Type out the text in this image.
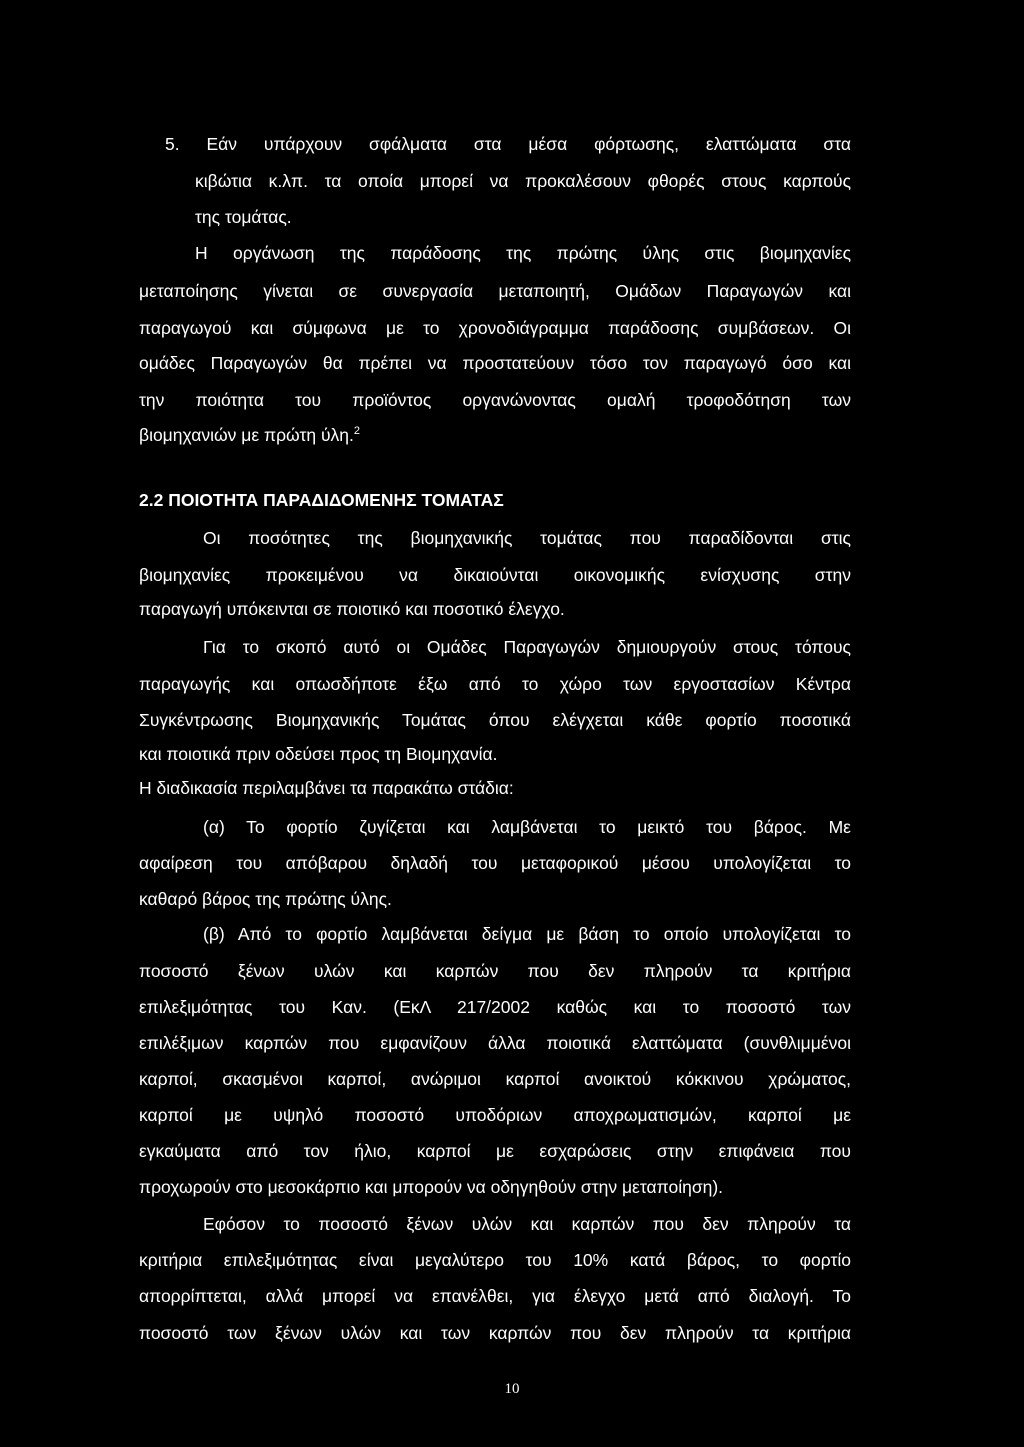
5. Εάν υπάρχουν σφάλματα στα μέσα φόρτωσης, ελαττώματα στα
κιβώτια κ.λπ. τα οποία μπορεί να προκαλέσουν φθορές στους καρπούς
της τομάτας.
Η οργάνωση της παράδοσης της πρώτης ύλης στις βιομηχανίες
μεταποίησης γίνεται σε συνεργασία μεταποιητή, Ομάδων Παραγωγών και
παραγωγού και σύμφωνα με το χρονοδιάγραμμα παράδοσης συμβάσεων. Οι
ομάδες Παραγωγών θα πρέπει να προστατεύουν τόσο τον παραγωγό όσο και
την ποιότητα του προϊόντος οργανώνοντας ομαλή τροφοδότηση των
βιομηχανιών με πρώτη ύλη.$^2$
2.2 ΠΟΙΟΤΗΤΑ ΠΑΡΑΔΙΔΟΜΕΝΗΣ ΤΟΜΑΤΑΣ
Οι ποσότητες της βιομηχανικής τομάτας που παραδίδονται στις
βιομηχανίες προκειμένου να δικαιούνται οικονομικής ενίσχυσης στην
παραγωγή υπόκεινται σε ποιοτικό και ποσοτικό έλεγχο.
Για το σκοπό αυτό οι Ομάδες Παραγωγών δημιουργούν στους τόπους
παραγωγής και οπωσδήποτε έξω από το χώρο των εργοστασίων Κέντρα
Συγκέντρωσης Βιομηχανικής Τομάτας όπου ελέγχεται κάθε φορτίο ποσοτικά
και ποιοτικά πριν οδεύσει προς τη Βιομηχανία.
Η διαδικασία περιλαμβάνει τα παρακάτω στάδια:
(α) Το φορτίο ζυγίζεται και λαμβάνεται το μεικτό του βάρος. Με
αφαίρεση του απόβαρου δηλαδή του μεταφορικού μέσου υπολογίζεται το
καθαρό βάρος της πρώτης ύλης.
(β) Από το φορτίο λαμβάνεται δείγμα με βάση το οποίο υπολογίζεται το
ποσοστό ξένων υλών και καρπών που δεν πληρούν τα κριτήρια
επιλεξιμότητας του Καν. (ΕκΛ 217/2002 καθώς και το ποσοστό των
επιλέξιμων καρπών που εμφανίζουν άλλα ποιοτικά ελαττώματα (συνθλιμμένοι
καρποί, σκασμένοι καρποί, ανώριμοι καρποί ανοικτού κόκκινου χρώματος,
καρποί με υψηλό ποσοστό υποδόριων αποχρωματισμών, καρποί με
εγκαύματα από τον ήλιο, καρποί με εσχαρώσεις στην επιφάνεια που
προχωρούν στο μεσοκάρπιο και μπορούν να οδηγηθούν στην μεταποίηση).
Εφόσον το ποσοστό ξένων υλών και καρπών που δεν πληρούν τα
κριτήρια επιλεξιμότητας είναι μεγαλύτερο του 10% κατά βάρος, το φορτίο
απορρίπτεται, αλλά μπορεί να επανέλθει, για έλεγχο μετά από διαλογή. Το
ποσοστό των ξένων υλών και των καρπών που δεν πληρούν τα κριτήρια
10
